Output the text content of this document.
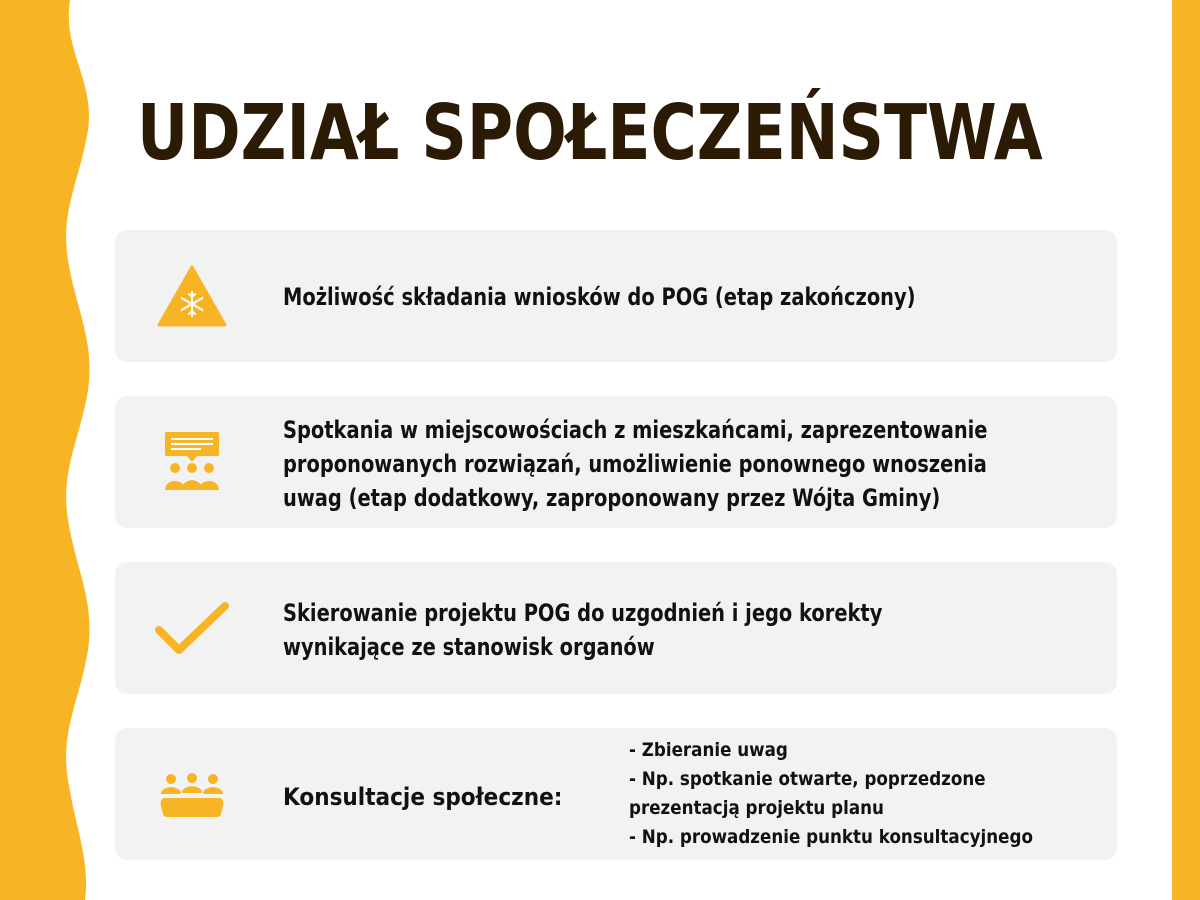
UDZIAŁ SPOŁECZEŃSTWA

Możliwość składania wniosków do POG (etap zakończony)

Spotkania w miejscowościach z mieszkańcami, zaprezentowanie
proponowanych rozwiązań, umożliwienie ponownego wnoszenia
uwag (etap dodatkowy, zaproponowany przez Wójta Gminy)

Skierowanie projektu POG do uzgodnień i jego korekty
wynikające ze stanowisk organów

Konsultacje społeczne:

- Zbieranie uwag
- Np. spotkanie otwarte, poprzedzone
prezentacją projektu planu
- Np. prowadzenie punktu konsultacyjnego
